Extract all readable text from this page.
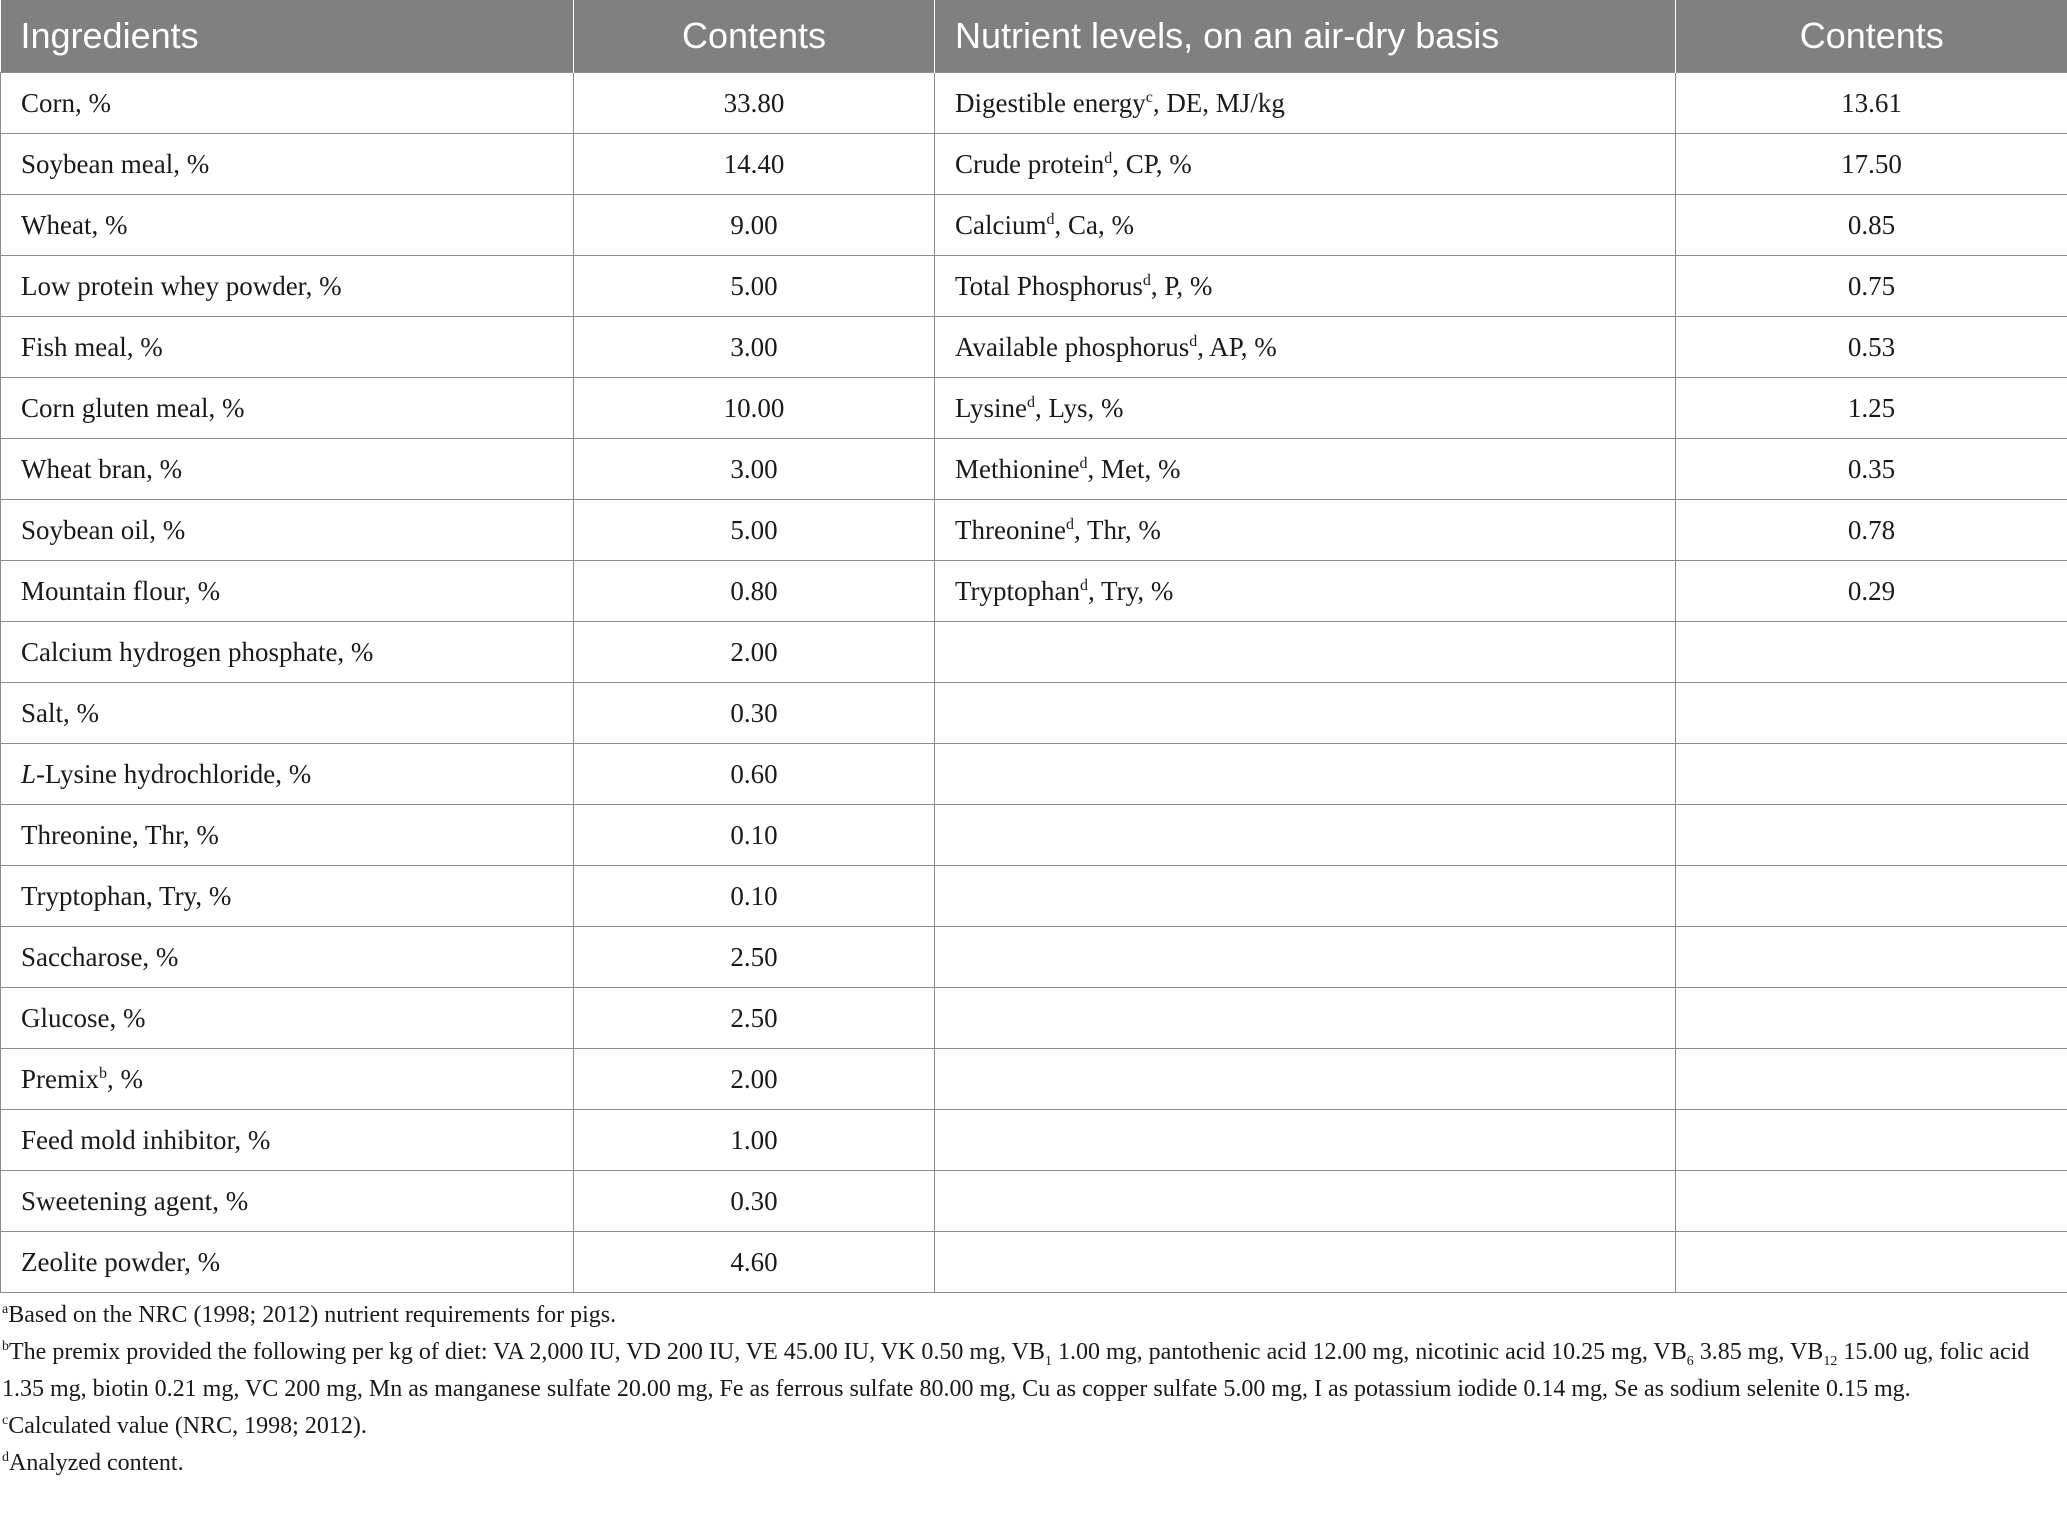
Ingredients	Contents	Nutrient levels, on an air-dry basis	Contents
Corn, %	33.80	Digestible energy$^c$, DE, MJ/kg	13.61
Soybean meal, %	14.40	Crude protein$^d$, CP, %	17.50
Wheat, %	9.00	Calcium$^d$, Ca, %	0.85
Low protein whey powder, %	5.00	Total Phosphorus$^d$, P, %	0.75
Fish meal, %	3.00	Available phosphorus$^d$, AP, %	0.53
Corn gluten meal, %	10.00	Lysine$^d$, Lys, %	1.25
Wheat bran, %	3.00	Methionine$^d$, Met, %	0.35
Soybean oil, %	5.00	Threonine$^d$, Thr, %	0.78
Mountain flour, %	0.80	Tryptophan$^d$, Try, %	0.29
Calcium hydrogen phosphate, %	2.00		
Salt, %	0.30		
L-Lysine hydrochloride, %	0.60		
Threonine, Thr, %	0.10		
Tryptophan, Try, %	0.10		
Saccharose, %	2.50		
Glucose, %	2.50		
Premix$^b$, %	2.00		
Feed mold inhibitor, %	1.00		
Sweetening agent, %	0.30		
Zeolite powder, %	4.60		

$^a$Based on the NRC (1998; 2012) nutrient requirements for pigs.

$^b$The premix provided the following per kg of diet: VA 2,000 IU, VD 200 IU, VE 45.00 IU, VK 0.50 mg, $VB_1$ 1.00 mg, pantothenic acid 12.00 mg, nicotinic acid 10.25 mg, $VB_6$ 3.85 mg, $VB_{12}$ 15.00 ug, folic acid 1.35 mg, biotin 0.21 mg, VC 200 mg, Mn as manganese sulfate 20.00 mg, Fe as ferrous sulfate 80.00 mg, Cu as copper sulfate 5.00 mg, I as potassium iodide 0.14 mg, Se as sodium selenite 0.15 mg.

$^c$Calculated value (NRC, 1998; 2012).

$^d$Analyzed content.
